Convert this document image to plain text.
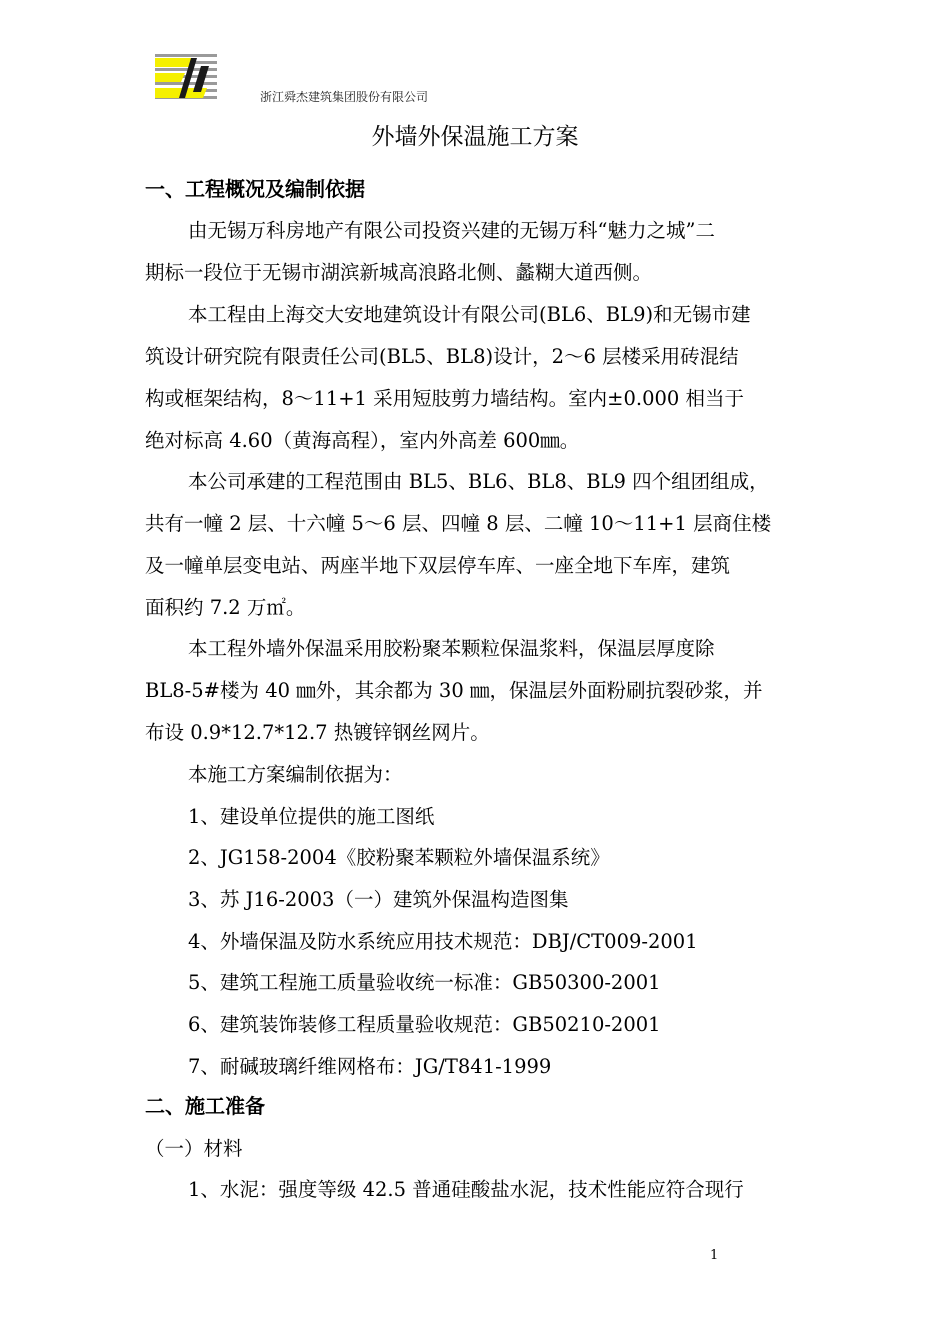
浙江舜杰建筑集团股份有限公司
外墙外保温施工方案
一、工程概况及编制依据
由无锡万科房地产有限公司投资兴建的无锡万科“魅力之城”二
期标一段位于无锡市湖滨新城高浪路北侧、蠡糊大道西侧。
本工程由上海交大安地建筑设计有限公司(BL6、BL9)和无锡市建
筑设计研究院有限责任公司(BL5、BL8)设计，2～6 层楼采用砖混结
构或框架结构，8～11+1 采用短肢剪力墙结构。室内±0.000 相当于
绝对标高 4.60（黄海高程），室内外高差 600㎜。
本公司承建的工程范围由 BL5、BL6、BL8、BL9 四个组团组成，
共有一幢 2 层、十六幢 5～6 层、四幢 8 层、二幢 10～11+1 层商住楼
及一幢单层变电站、两座半地下双层停车库、一座全地下车库，建筑
面积约 7.2 万㎡。
本工程外墙外保温采用胶粉聚苯颗粒保温浆料，保温层厚度除
BL8-5#楼为 40 ㎜外，其余都为 30 ㎜，保温层外面粉刷抗裂砂浆，并
布设 0.9*12.7*12.7 热镀锌钢丝网片。
本施工方案编制依据为：
1、建设单位提供的施工图纸
2、JG158-2004《胶粉聚苯颗粒外墙保温系统》
3、苏 J16-2003（一）建筑外保温构造图集
4、外墙保温及防水系统应用技术规范：DBJ/CT009-2001
5、建筑工程施工质量验收统一标准：GB50300-2001
6、建筑装饰装修工程质量验收规范：GB50210-2001
7、耐碱玻璃纤维网格布：JG/T841-1999
二、施工准备
（一）材料
1、水泥：强度等级 42.5 普通硅酸盐水泥，技术性能应符合现行
1
